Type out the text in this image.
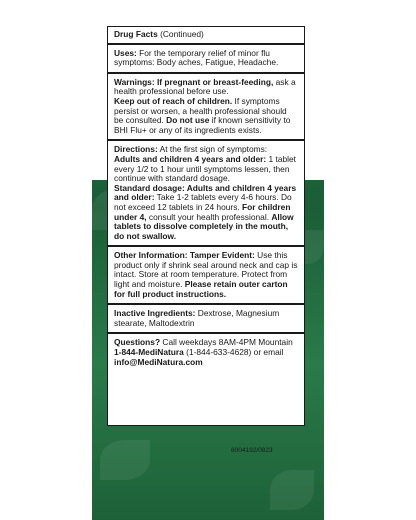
Drug Facts (Continued)

Uses: For the temporary relief of minor flu symptoms: Body aches, Fatigue, Headache.

Warnings: If pregnant or breast-feeding, ask a health professional before use.

Keep out of reach of children. If symptoms persist or worsen, a health professional should be consulted. Do not use if known sensitivity to BHI Flu+ or any of its ingredients exists.

Directions: At the first sign of symptoms:

Adults and children 4 years and older: 1 tablet every 1/2 to 1 hour until symptoms lessen, then continue with standard dosage.

Standard dosage: Adults and children 4 years and older: Take 1-2 tablets every 4-6 hours. Do not exceed 12 tablets in 24 hours. For children under 4, consult your health professional. Allow tablets to dissolve completely in the mouth, do not swallow.

Other Information: Tamper Evident: Use this product only if shrink seal around neck and cap is intact. Store at room temperature. Protect from light and moisture. Please retain outer carton for full product instructions.

Inactive Ingredients: Dextrose, Magnesium stearate, Maltodextrin

Questions? Call weekdays 8AM-4PM Mountain 1-844-MediNatura (1-844-633-4628) or email info@MediNatura.com

6004192/0823
